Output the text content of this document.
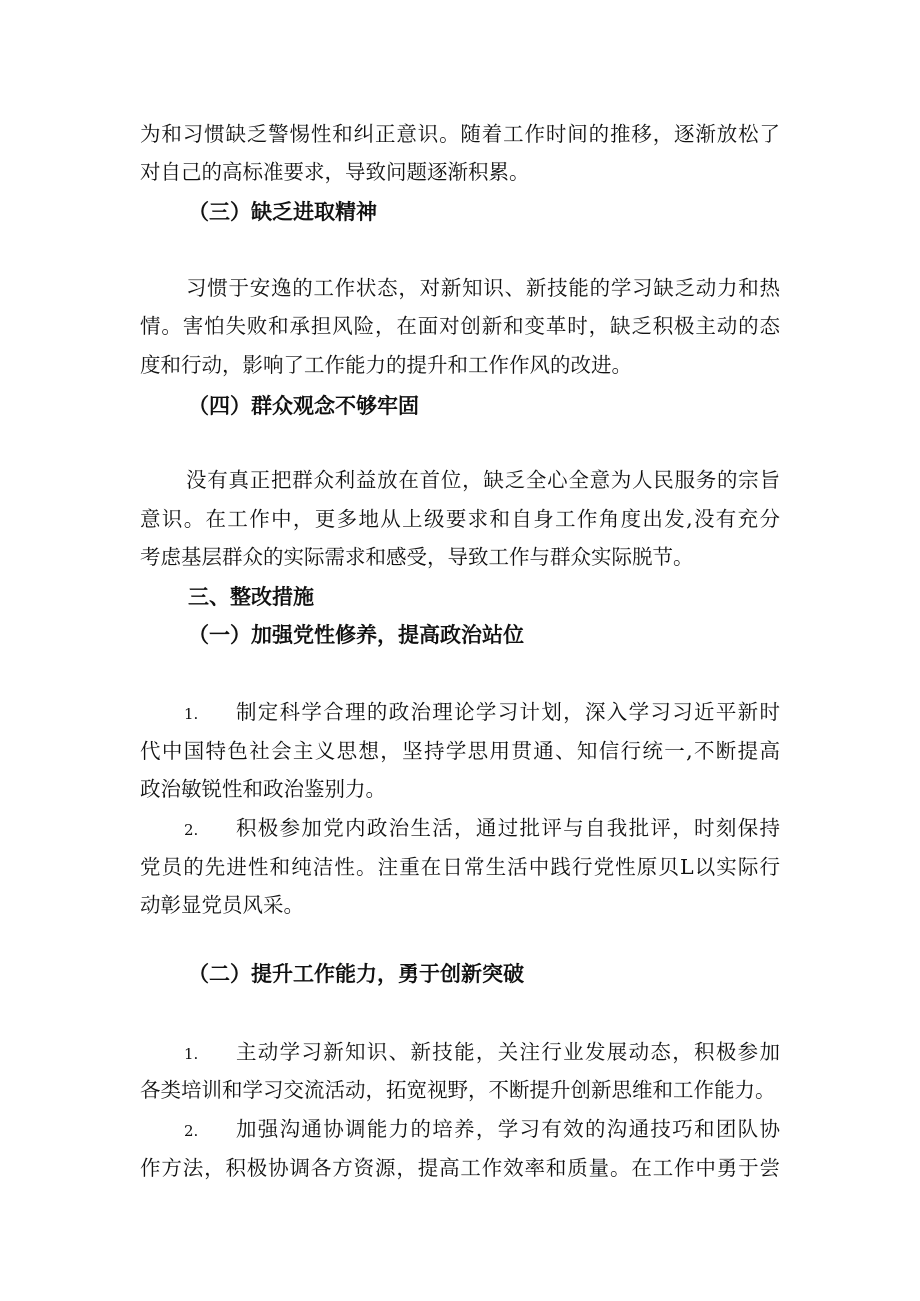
为和习惯缺乏警惕性和纠正意识。随着工作时间的推移，逐渐放松了
对自己的高标准要求，导致问题逐渐积累。
（三）缺乏进取精神
习惯于安逸的工作状态，对新知识、新技能的学习缺乏动力和热
情。害怕失败和承担风险，在面对创新和变革时，缺乏积极主动的态
度和行动，影响了工作能力的提升和工作作风的改进。
（四）群众观念不够牢固
没有真正把群众利益放在首位，缺乏全心全意为人民服务的宗旨
意识。在工作中，更多地从上级要求和自身工作角度出发,没有充分
考虑基层群众的实际需求和感受，导致工作与群众实际脱节。
三、整改措施
（一）加强党性修养，提高政治站位
1. 制定科学合理的政治理论学习计划，深入学习习近平新时
代中国特色社会主义思想，坚持学思用贯通、知信行统一,不断提高
政治敏锐性和政治鉴别力。
2. 积极参加党内政治生活，通过批评与自我批评，时刻保持
党员的先进性和纯洁性。注重在日常生活中践行党性原贝L以实际行
动彰显党员风采。
（二）提升工作能力，勇于创新突破
1. 主动学习新知识、新技能，关注行业发展动态，积极参加
各类培训和学习交流活动，拓宽视野，不断提升创新思维和工作能力。
2. 加强沟通协调能力的培养，学习有效的沟通技巧和团队协
作方法，积极协调各方资源，提高工作效率和质量。在工作中勇于尝
